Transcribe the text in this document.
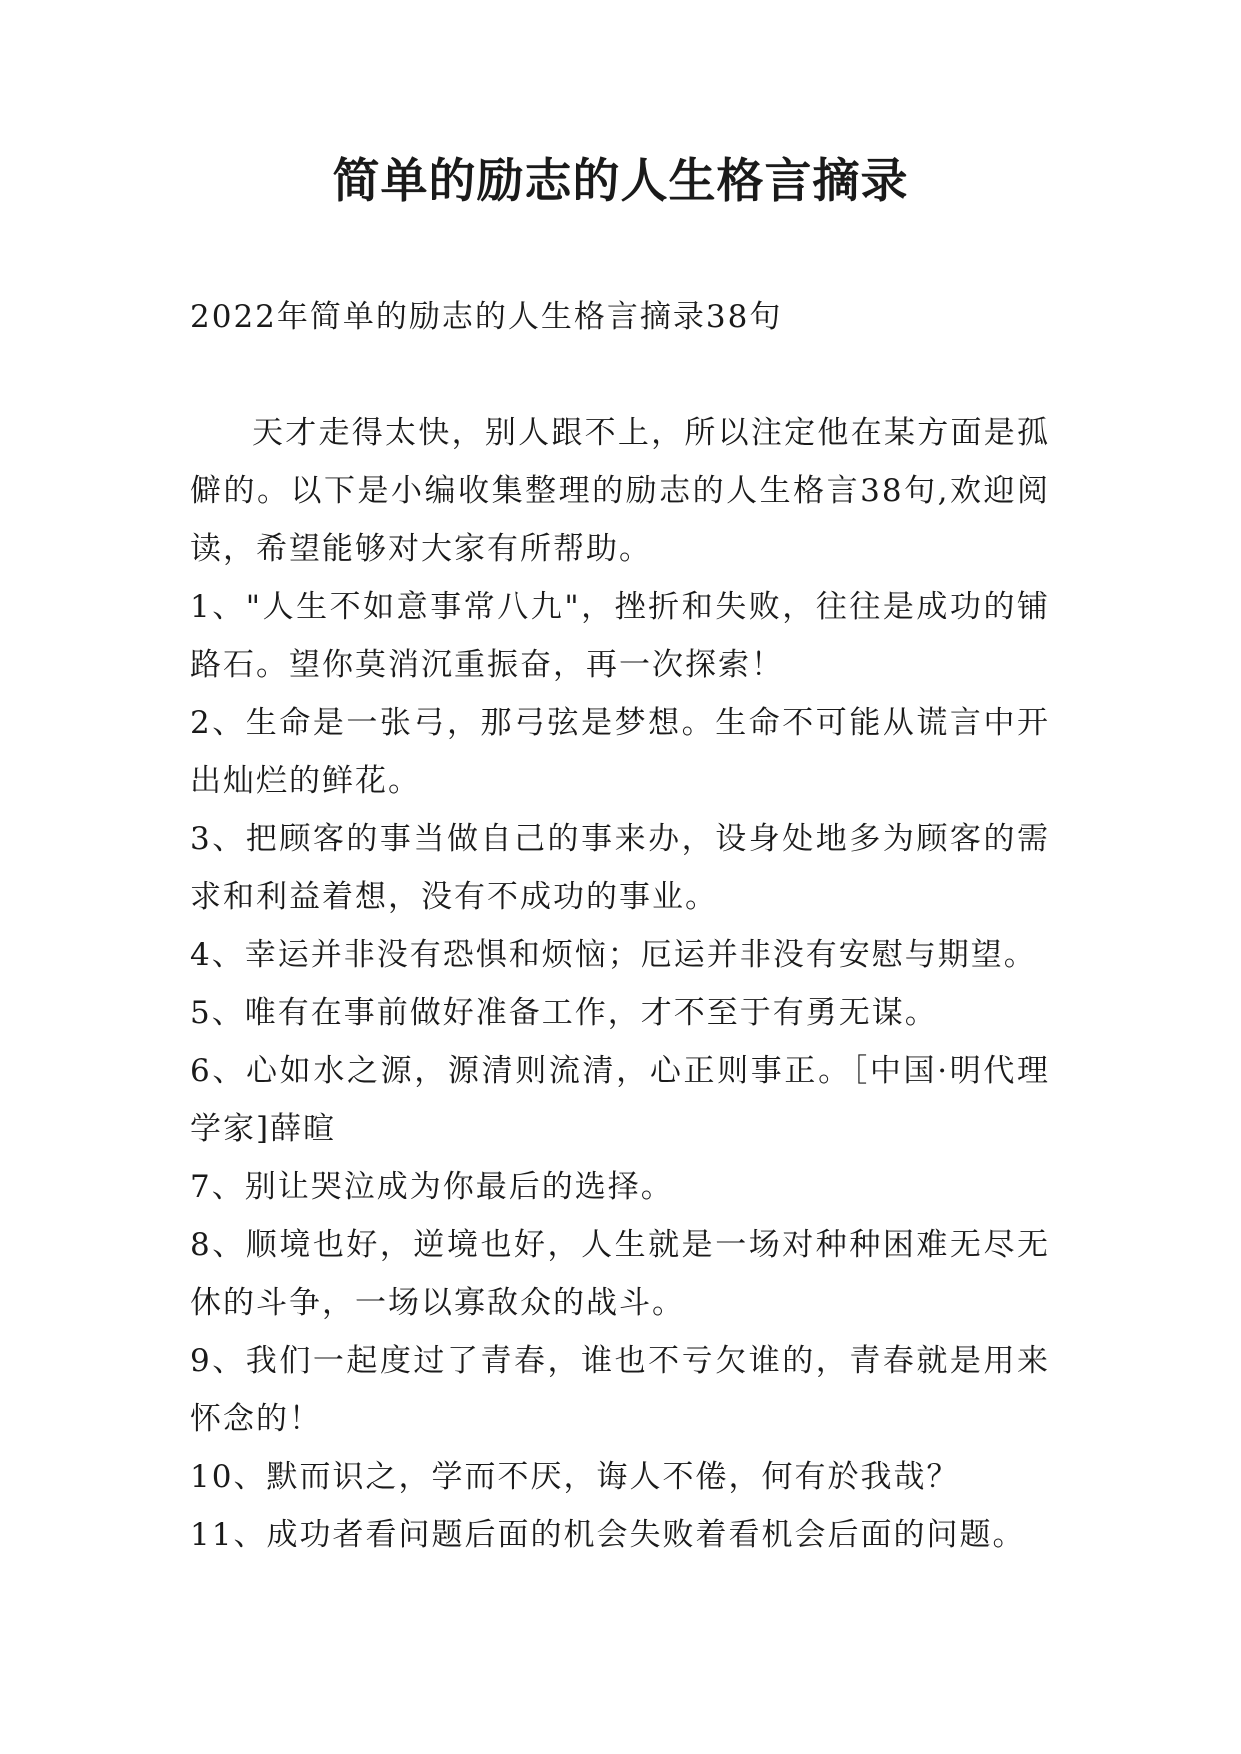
简单的励志的人生格言摘录

2022年简单的励志的人生格言摘录38句

天才走得太快，别人跟不上，所以注定他在某方面是孤僻的。以下是小编收集整理的励志的人生格言38句,欢迎阅读，希望能够对大家有所帮助。

1、"人生不如意事常八九"，挫折和失败，往往是成功的铺路石。望你莫消沉重振奋，再一次探索！

2、生命是一张弓，那弓弦是梦想。生命不可能从谎言中开出灿烂的鲜花。

3、把顾客的事当做自己的事来办，设身处地多为顾客的需求和利益着想，没有不成功的事业。

4、幸运并非没有恐惧和烦恼；厄运并非没有安慰与期望。

5、唯有在事前做好准备工作，才不至于有勇无谋。

6、心如水之源，源清则流清，心正则事正。［中国·明代理学家]薛暄

7、别让哭泣成为你最后的选择。

8、顺境也好，逆境也好，人生就是一场对种种困难无尽无休的斗争，一场以寡敌众的战斗。

9、我们一起度过了青春，谁也不亏欠谁的，青春就是用来怀念的！

10、默而识之，学而不厌，诲人不倦，何有於我哉？

11、成功者看问题后面的机会失败着看机会后面的问题。
